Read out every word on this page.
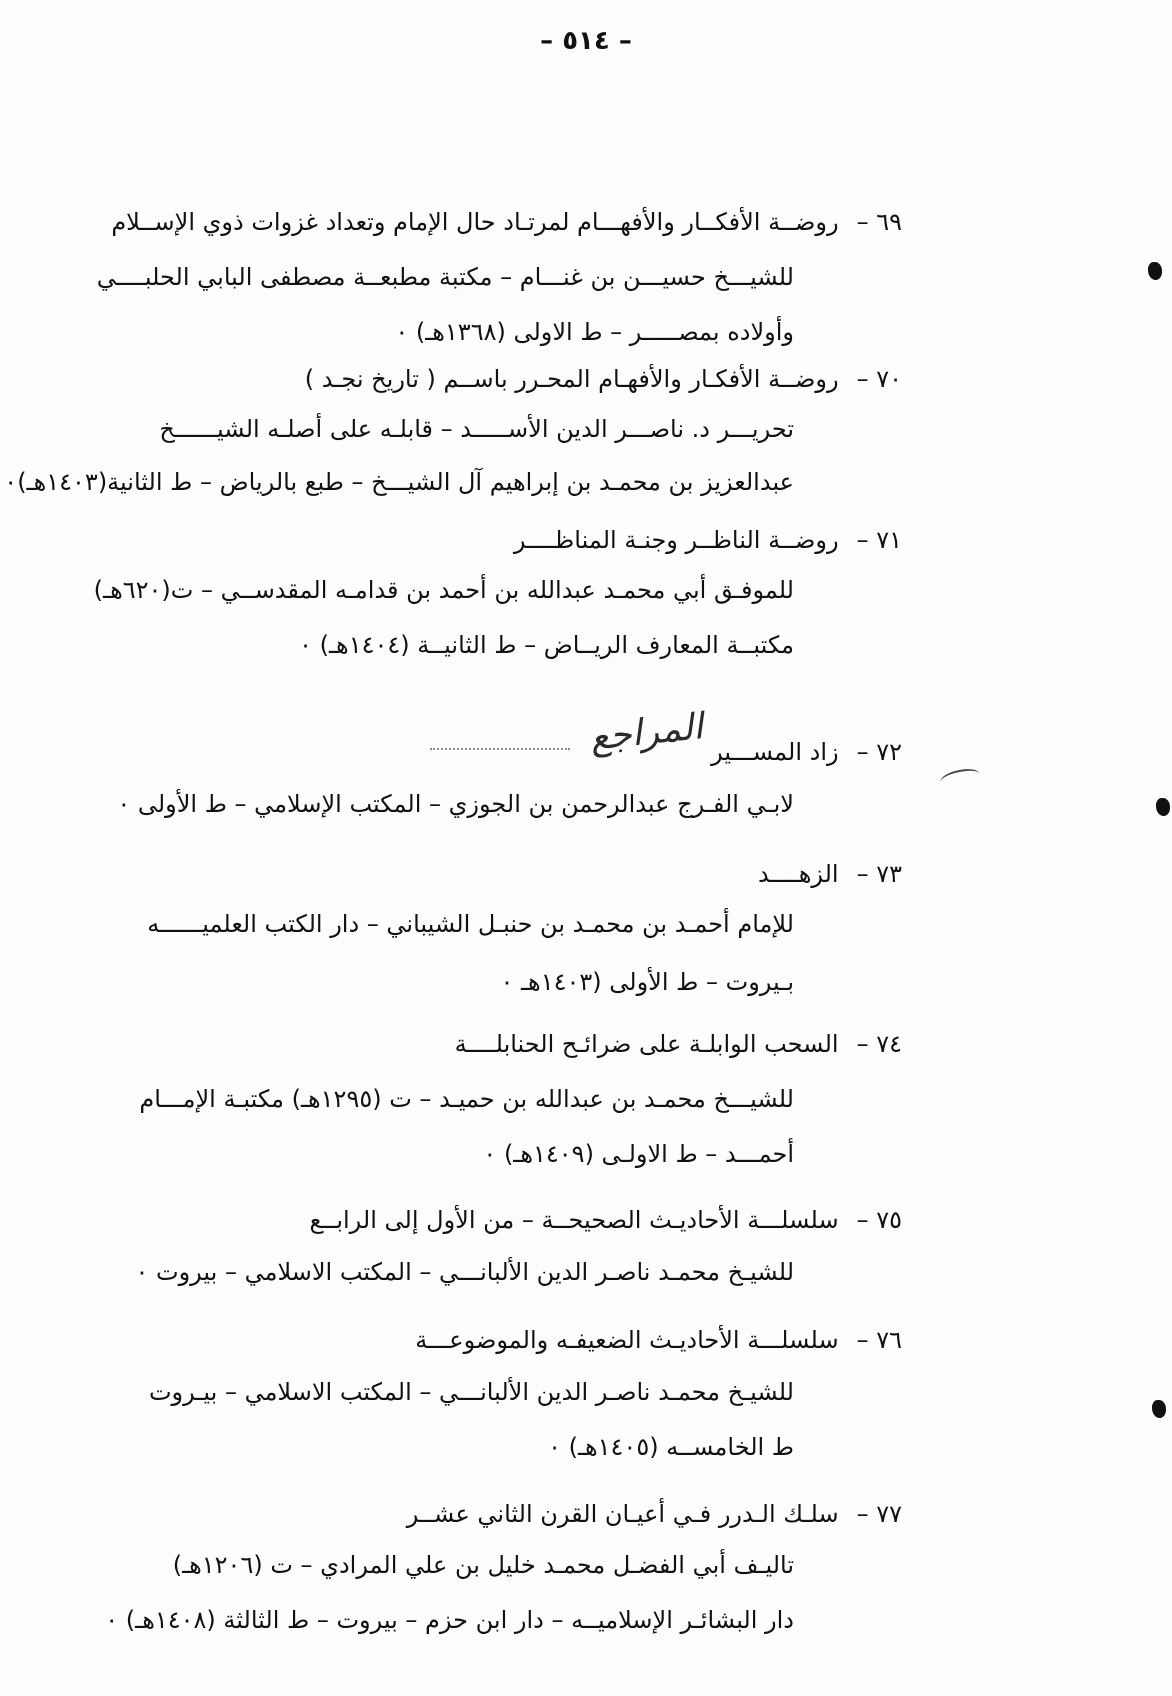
– ٥١٤ –
٦٩ –روضــة الأفكــار والأفهـــام لمرتـاد حال الإمام وتعداد غزوات ذوي الإســلام
للشيـــخ حسيـــن بن غنـــام – مكتبة مطبعــة مصطفى البابي الحلبــــي
وأولاده بمصـــــر – ط الاولى (١٣٦٨هـ) ٠
٧٠ –روضــة الأفكـار والأفهـام المحـرر باســم ( تاريخ نجـد )
تحريـــر د. ناصـــر الدين الأســـــد – قابلـه على أصلـه الشيــــــخ
عبدالعزيز بن محمـد بن إبراهيم آل الشيـــخ – طبع بالرياض – ط الثانية(١٤٠٣هـ)٠
٧١ –روضــة الناظــر وجنـة المناظــــر
للموفـق أبي محمـد عبدالله بن أحمد بن قدامـه المقدســي – ت(٦٢٠هـ)
مكتبــة المعارف الريــاض – ط الثانيــة (١٤٠٤هـ) ٠
٧٢ –زاد المســـير
المراجع
لابـي الفـرج عبدالرحمن بن الجوزي – المكتب الإسلامي – ط الأولى ٠
٧٣ –الزهــــد
للإمام أحمـد بن محمـد بن حنبـل الشيباني – دار الكتب العلميــــــه
بـيروت – ط الأولى (١٤٠٣هـ ٠
٧٤ –السحب الوابلـة على ضرائـح الحنابلــــة
للشيـــخ محمـد بن عبدالله بن حميـد – ت (١٢٩٥هـ) مكتبـة الإمـــام
أحمـــد – ط الاولـى (١٤٠٩هـ) ٠
٧٥ –سلسلـــة الأحاديـث الصحيحــة – من الأول إلى الرابــع
للشيـخ محمـد ناصـر الدين الألبانـــي – المكتب الاسلامي – بيروت ٠
٧٦ –سلسلـــة الأحاديـث الضعيفـه والموضوعـــة
للشيـخ محمـد ناصـر الدين الألبانـــي – المكتب الاسلامي – بيـروت
ط الخامســه (١٤٠٥هـ) ٠
٧٧ –سلـك الـدرر فـي أعيـان القرن الثاني عشــر
تاليـف أبي الفضـل محمـد خليل بن علي المرادي – ت (١٢٠٦هـ)
دار البشائـر الإسلاميــه – دار ابن حزم – بيروت – ط الثالثة (١٤٠٨هـ) ٠
